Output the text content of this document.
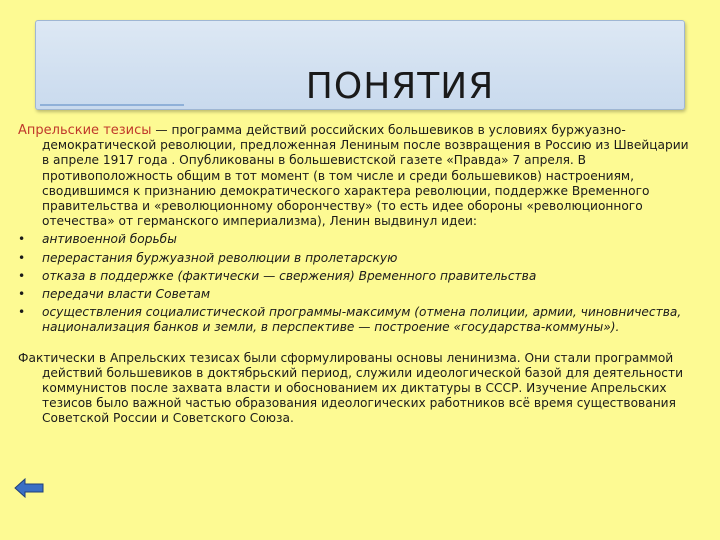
ПОНЯТИЯ

Апрельские тезисы — программа действий российских большевиков в условиях буржуазно-демократической революции, предложенная Лениным после возвращения в Россию из Швейцарии в апреле 1917 года . Опубликованы в большевистской газете «Правда» 7 апреля. В противоположность общим в тот момент (в том числе и среди большевиков) настроениям, сводившимся к признанию демократического характера революции, поддержке Временного правительства и «революционному оборончеству» (то есть идее обороны «революционного отечества» от германского империализма), Ленин выдвинул идеи:

• антивоенной борьбы
• перерастания буржуазной революции в пролетарскую
• отказа в поддержке (фактически — свержения) Временного правительства
• передачи власти Советам
• осуществления социалистической программы-максимум (отмена полиции, армии, чиновничества, национализация банков и земли, в перспективе — построение «государства-коммуны»).

Фактически в Апрельских тезисах были сформулированы основы ленинизма. Они стали программой действий большевиков в доктябрьский период, служили идеологической базой для деятельности коммунистов после захвата власти и обоснованием их диктатуры в СССР. Изучение Апрельских тезисов было важной частью образования идеологических работников всё время существования Советской России и Советского Союза.
